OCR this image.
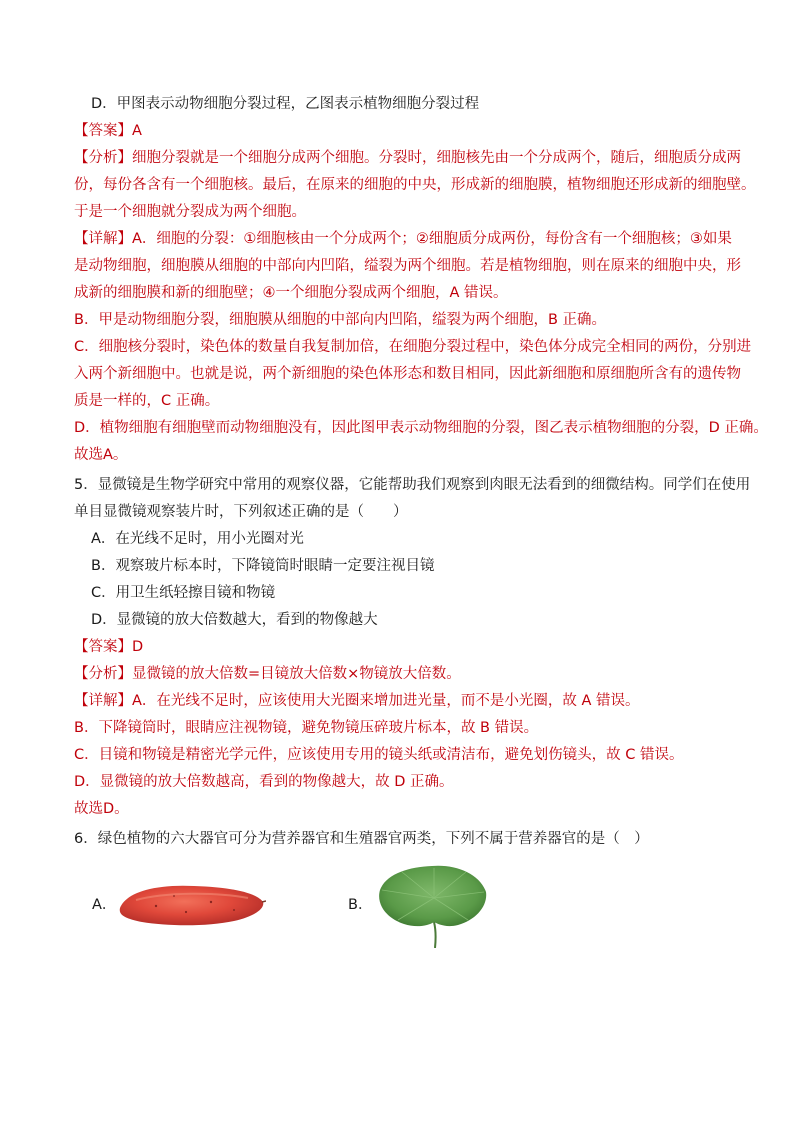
D．甲图表示动物细胞分裂过程，乙图表示植物细胞分裂过程
【答案】A
【分析】细胞分裂就是一个细胞分成两个细胞。分裂时，细胞核先由一个分成两个，随后，细胞质分成两
份，每份各含有一个细胞核。最后，在原来的细胞的中央，形成新的细胞膜，植物细胞还形成新的细胞壁。
于是一个细胞就分裂成为两个细胞。
【详解】A．细胞的分裂：①细胞核由一个分成两个；②细胞质分成两份，每份含有一个细胞核；③如果
是动物细胞，细胞膜从细胞的中部向内凹陷，缢裂为两个细胞。若是植物细胞，则在原来的细胞中央，形
成新的细胞膜和新的细胞壁；④一个细胞分裂成两个细胞，A 错误。
B．甲是动物细胞分裂，细胞膜从细胞的中部向内凹陷，缢裂为两个细胞，B 正确。
C．细胞核分裂时，染色体的数量自我复制加倍，在细胞分裂过程中，染色体分成完全相同的两份，分别进
入两个新细胞中。也就是说，两个新细胞的染色体形态和数目相同，因此新细胞和原细胞所含有的遗传物
质是一样的，C 正确。
D．植物细胞有细胞壁而动物细胞没有，因此图甲表示动物细胞的分裂，图乙表示植物细胞的分裂，D 正确。
故选A。
5．显微镜是生物学研究中常用的观察仪器，它能帮助我们观察到肉眼无法看到的细微结构。同学们在使用
单目显微镜观察装片时，下列叙述正确的是（　　）
A．在光线不足时，用小光圈对光
B．观察玻片标本时，下降镜筒时眼睛一定要注视目镜
C．用卫生纸轻擦目镜和物镜
D．显微镜的放大倍数越大，看到的物像越大
【答案】D
【分析】显微镜的放大倍数=目镜放大倍数×物镜放大倍数。
【详解】A．在光线不足时，应该使用大光圈来增加进光量，而不是小光圈，故 A 错误。
B．下降镜筒时，眼睛应注视物镜，避免物镜压碎玻片标本，故 B 错误。
C．目镜和物镜是精密光学元件，应该使用专用的镜头纸或清洁布，避免划伤镜头，故 C 错误。
D．显微镜的放大倍数越高，看到的物像越大，故 D 正确。
故选D。
6．绿色植物的六大器官可分为营养器官和生殖器官两类，下列不属于营养器官的是（　）
A．	B．
